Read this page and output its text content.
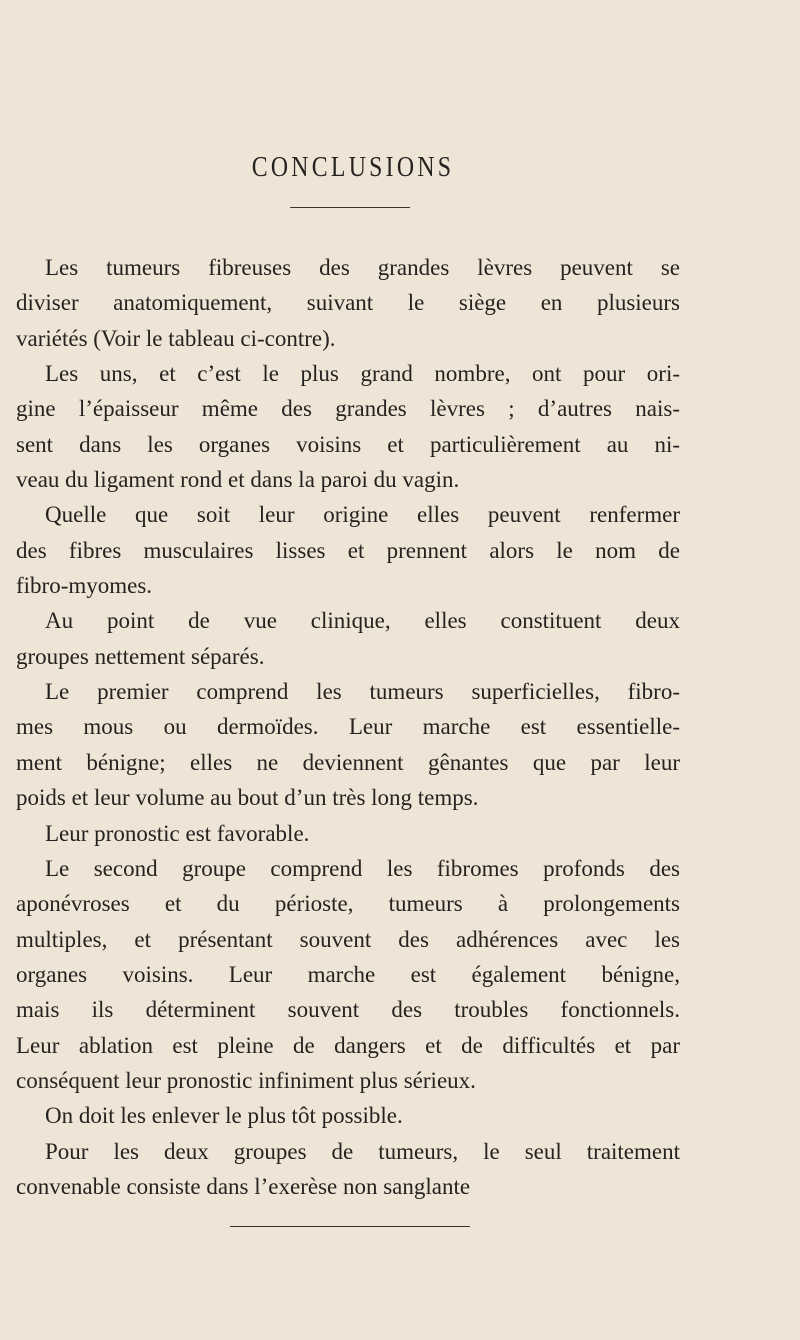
CONCLUSIONS
Les tumeurs fibreuses des grandes lèvres peuvent se
diviser anatomiquement, suivant le siège en plusieurs
variétés (Voir le tableau ci-contre).
Les uns, et c’est le plus grand nombre, ont pour ori-
gine l’épaisseur même des grandes lèvres ; d’autres nais-
sent dans les organes voisins et particulièrement au ni-
veau du ligament rond et dans la paroi du vagin.
Quelle que soit leur origine elles peuvent renfermer
des fibres musculaires lisses et prennent alors le nom de
fibro-myomes.
Au point de vue clinique, elles constituent deux
groupes nettement séparés.
Le premier comprend les tumeurs superficielles, fibro-
mes mous ou dermoïdes. Leur marche est essentielle-
ment bénigne; elles ne deviennent gênantes que par leur
poids et leur volume au bout d’un très long temps.
Leur pronostic est favorable.
Le second groupe comprend les fibromes profonds des
aponévroses et du périoste, tumeurs à prolongements
multiples, et présentant souvent des adhérences avec les
organes voisins. Leur marche est également bénigne,
mais ils déterminent souvent des troubles fonctionnels.
Leur ablation est pleine de dangers et de difficultés et par
conséquent leur pronostic infiniment plus sérieux.
On doit les enlever le plus tôt possible.
Pour les deux groupes de tumeurs, le seul traitement
convenable consiste dans l’exerèse non sanglante
